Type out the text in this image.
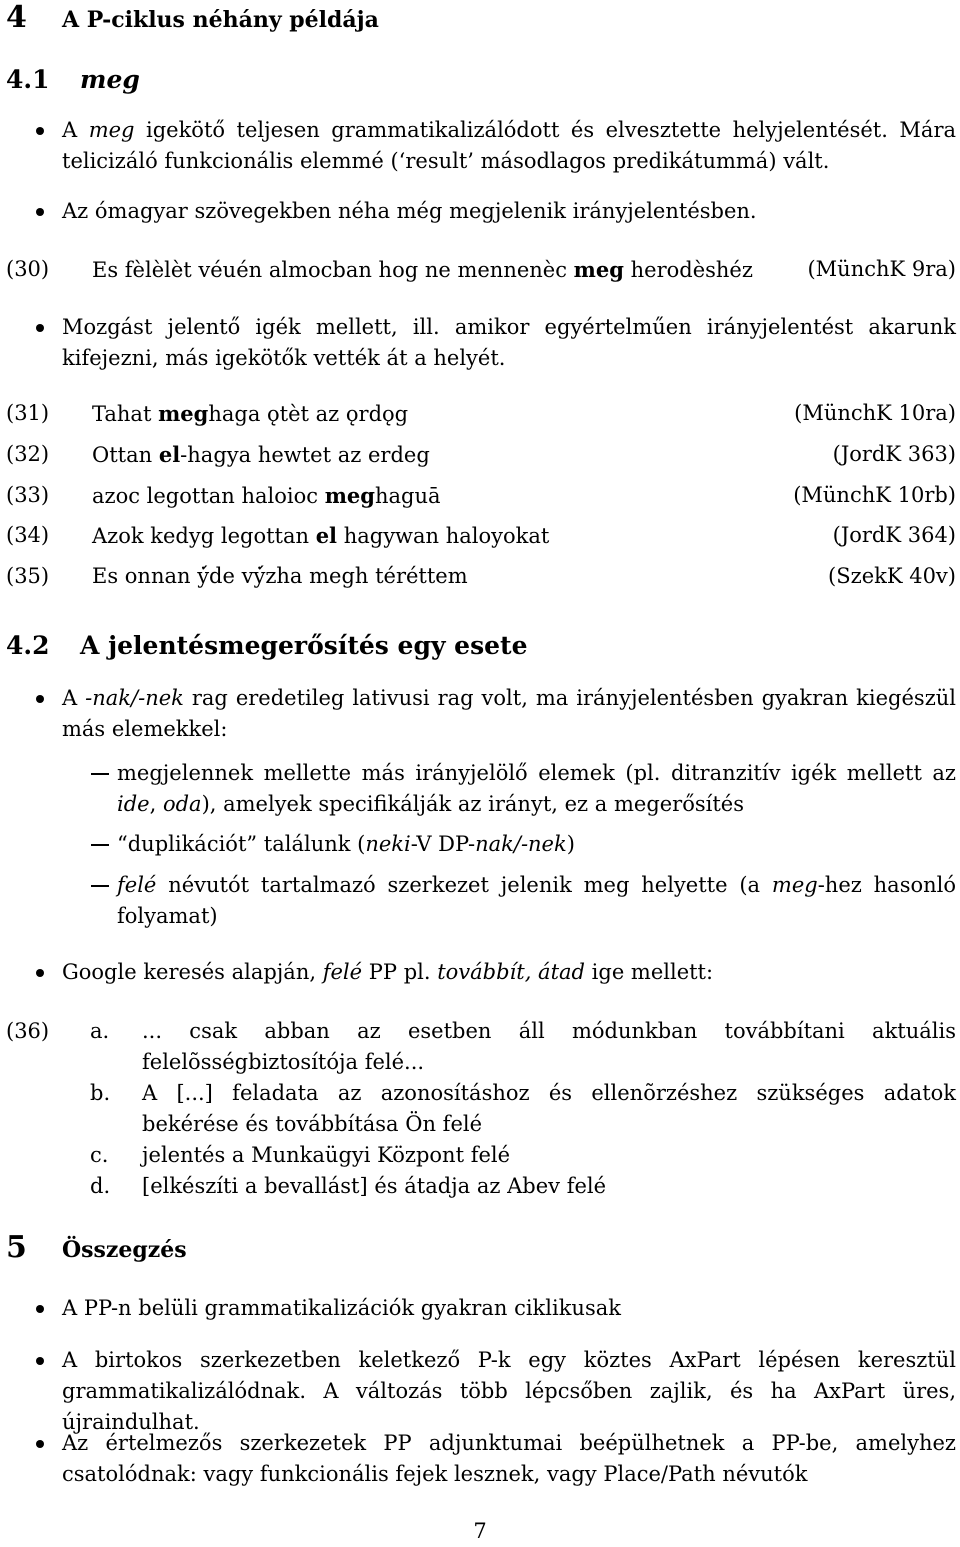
4 A P-ciklus néhány példája
4.1 meg
A meg igekötő teljesen grammatikalizálódott és elvesztette helyjelentését. Mára telicizáló funkcionális elemmé (‘result’ másodlagos predikátummá) vált.
Az ómagyar szövegekben néha még megjelenik irányjelentésben.
(30) Es fèlèlèt véuén almocban hog ne mennenèc meg herodèshéz	(MünchK 9ra)
Mozgást jelentő igék mellett, ill. amikor egyértelműen irányjelentést akarunk kifejezni, más igekötők vették át a helyét.
(31) Tahat meghaga ǫtèt az ǫrdǫg	(MünchK 10ra)
(32) Ottan el-hagya hewtet az erdeg	(JordK 363)
(33) azoc legottan haloioc meghaguā	(MünchK 10rb)
(34) Azok kedyg legottan el hagywan haloyokat	(JordK 364)
(35) Es onnan ẏ́de vẏ́zha megh téréttem	(SzekK 40v)
4.2 A jelentésmegerősítés egy esete
A -nak/-nek rag eredetileg lativusi rag volt, ma irányjelentésben gyakran kiegészül más elemekkel:
megjelennek mellette más irányjelölő elemek (pl. ditranzitív igék mellett az ide, oda), amelyek specifikálják az irányt, ez a megerősítés
“duplikációt” találunk (neki-V DP-nak/-nek)
felé névutót tartalmazó szerkezet jelenik meg helyette (a meg-hez hasonló folyamat)
Google keresés alapján, felé PP pl. továbbít, átad ige mellett:
(36) a. ... csak abban az esetben áll módunkban továbbítani aktuális felelõsségbiztosítója felé...
b. A [...] feladata az azonosításhoz és ellenõrzéshez szükséges adatok bekérése és továbbítása Ön felé
c. jelentés a Munkaügyi Központ felé
d. [elkészíti a bevallást] és átadja az Abev felé
5 Összegzés
A PP-n belüli grammatikalizációk gyakran ciklikusak
A birtokos szerkezetben keletkező P-k egy köztes AxPart lépésen keresztül grammatikalizálódnak. A változás több lépcsőben zajlik, és ha AxPart üres, újraindulhat.
Az értelmezős szerkezetek PP adjunktumai beépülhetnek a PP-be, amelyhez csatolódnak: vagy funkcionális fejek lesznek, vagy Place/Path névutók
7
